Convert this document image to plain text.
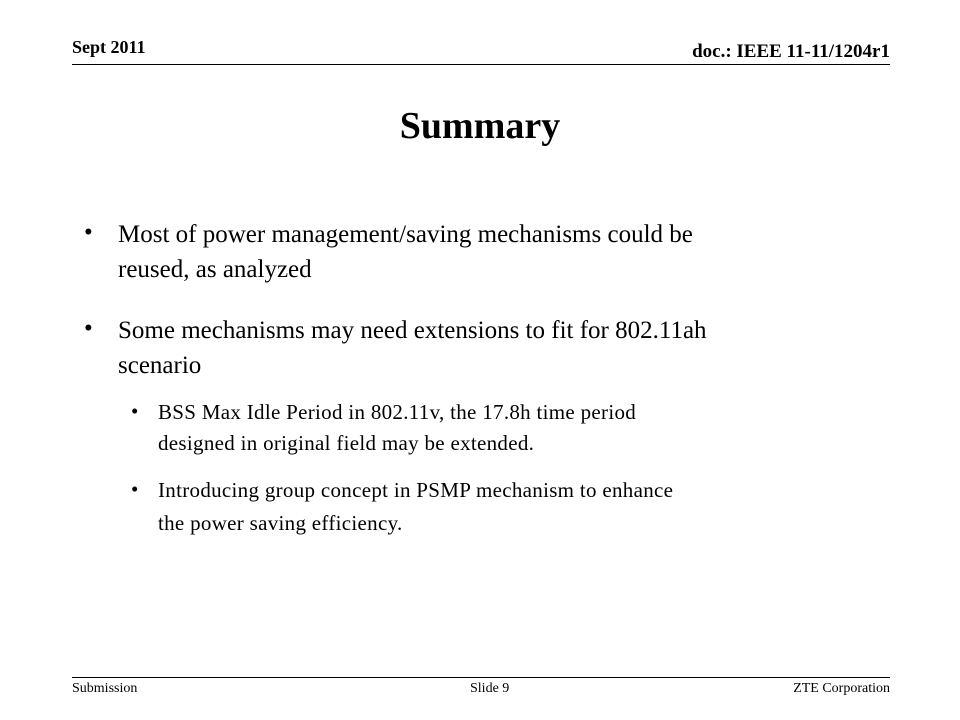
Sept 2011	doc.: IEEE 11-11/1204r1
Summary
• Most of power management/saving mechanisms could be
reused, as analyzed
• Some mechanisms may need extensions to fit for 802.11ah
scenario
• BSS Max Idle Period in 802.11v, the 17.8h time period
designed in original field may be extended.
• Introducing group concept in PSMP mechanism to enhance
the power saving efficiency.
Submission	Slide 9	ZTE Corporation
